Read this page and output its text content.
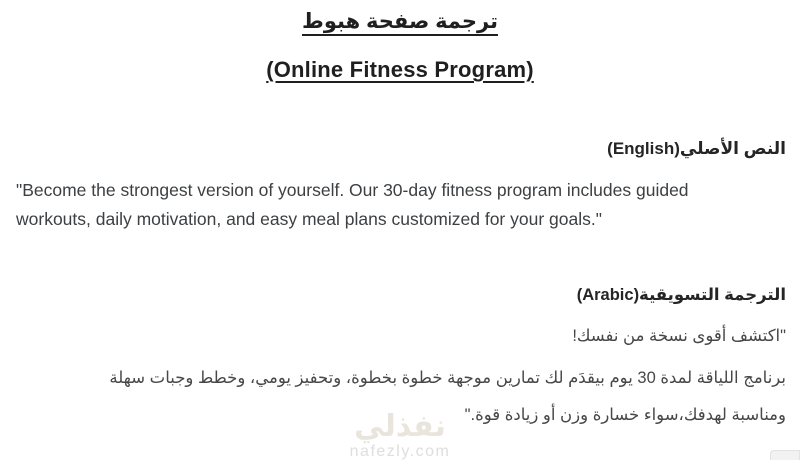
ترجمة صفحة هبوط
(Online Fitness Program)
النص الأصلي(English)

"Become the strongest version of yourself. Our 30-day fitness program includes guided workouts, daily motivation, and easy meal plans customized for your goals."

الترجمة التسويقية(Arabic)

"اكتشف أقوى نسخة من نفسك!

برنامج اللياقة لمدة 30 يوم بيقدَم لك تمارين موجهة خطوة بخطوة، وتحفيز يومي، وخطط وجبات سهلة ومناسبة لهدفك،سواء خسارة وزن أو زيادة قوة."

نفذلي
nafezly.com
